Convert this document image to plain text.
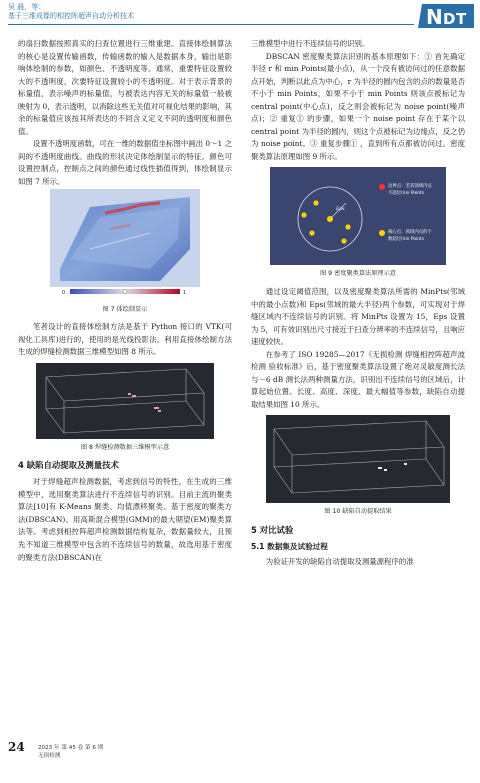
吴 晨，等：
基于三维成像的相控阵超声自动分析技术	N D T

的扇扫数据按照真实的扫查位置进行三维重建。直接体绘制算法的核心是设置传输函数，传输函数的输入是数据本身，输出是影响体绘制的参数，如颜色、不透明度等。通常，重要特征设置较大的不透明度，次要特征设置较小的不透明度。对于表示背景的标量值，表示噪声的标量值，与被表达内容无关的标量值一般被映射为 0，表示透明，以消除这些无关值对可视化结果的影响，其余的标量值应该按其所表达的不同含义定义不同的透明度和颜色值。

设置不透明度函数，可在一维的数据值坐标图中画出 0～1 之间的不透明度曲线。曲线的形状决定体绘制显示的特征。颜色可设置控制点，控制点之间的颜色通过线性插值得到，体绘制显示如图 7 所示。

0	1
图 7 体绘制显示

笔者设计的直接体绘制方法是基于 Python 接口的 VTK(可视化工具库)进行的，使用的是光线投影法。利用直接体绘制方法生成的焊缝检测数据三维模型如图 8 所示。

图 8 焊缝检测数据三维模型示意
4 缺陷自动提取及测量技术

对于焊缝超声检测数据，考虑到信号的特性，在生成的三维模型中，选用聚类算法进行不连续信号的识别。目前主流的聚类算法[10]有 K-Means 聚类、均值漂移聚类、基于密度的聚类方法(DBSCAN)、用高斯混合模型(GMM)的最大期望(EM)聚类算法等。考虑到相控阵超声检测数据结构复杂，数据量较大，且预先不知道三维模型中包含的不连续信号的数量，故选用基于密度的聚类方法(DBSCAN)在

三维模型中进行不连续信号的识别。

DBSCAN 密度聚类算法识别的基本原理如下：① 首先确定半径 r 和 min Points(最小点)，从一个没有被访问过的任意数据点开始，判断以此点为中心，r 为半径的圆内包含的点的数量是否不小于 min Points，如果不小于 min Points 则该点被标记为 central point(中心点)，反之则会被标记为 noise point(噪声点)；② 重复① 的步骤，如果一个 noise point 存在于某个以 central point 为半径的圆内，则这个点被标记为边缘点，反之仍为 noise point。③ 重复步骤① ，直到所有点都被访问过。密度聚类算法原理如图 9 所示。

Eps
边界点：若其领域内点
不超过min Points
核心点：领域内点的个
数超过min Points
图 9 密度聚类算法原理示意

通过设定阈值范围，以及密度聚类算法所需的 MinPts(邻域中的最小点数)和 Eps(邻域的最大半径)两个参数，可实现对于焊缝区域内不连续信号的识别。将 MinPts 设置为 15，Eps 设置为 5，可有效识别出尺寸接近于扫查分辨率的不连续信号，且响应速度较快。

在参考了 ISO 19285—2017《无损检测 焊缝相控阵超声波检测 验收标准》后，基于密度聚类算法设置了绝对灵敏度测长法与－6 dB 测长法两种测量方法，识别出不连续信号的区域后，计算起始位置、长度、高度、深度、最大幅值等参数，缺陷自动提取结果如图 10 所示。

图 10 缺陷自动提取结果
5 对比试验
5.1 数据集及试验过程

为验证开发的缺陷自动提取及测量源程序的准

24 2023 年 第 45 卷 第 6 期
无损检测
